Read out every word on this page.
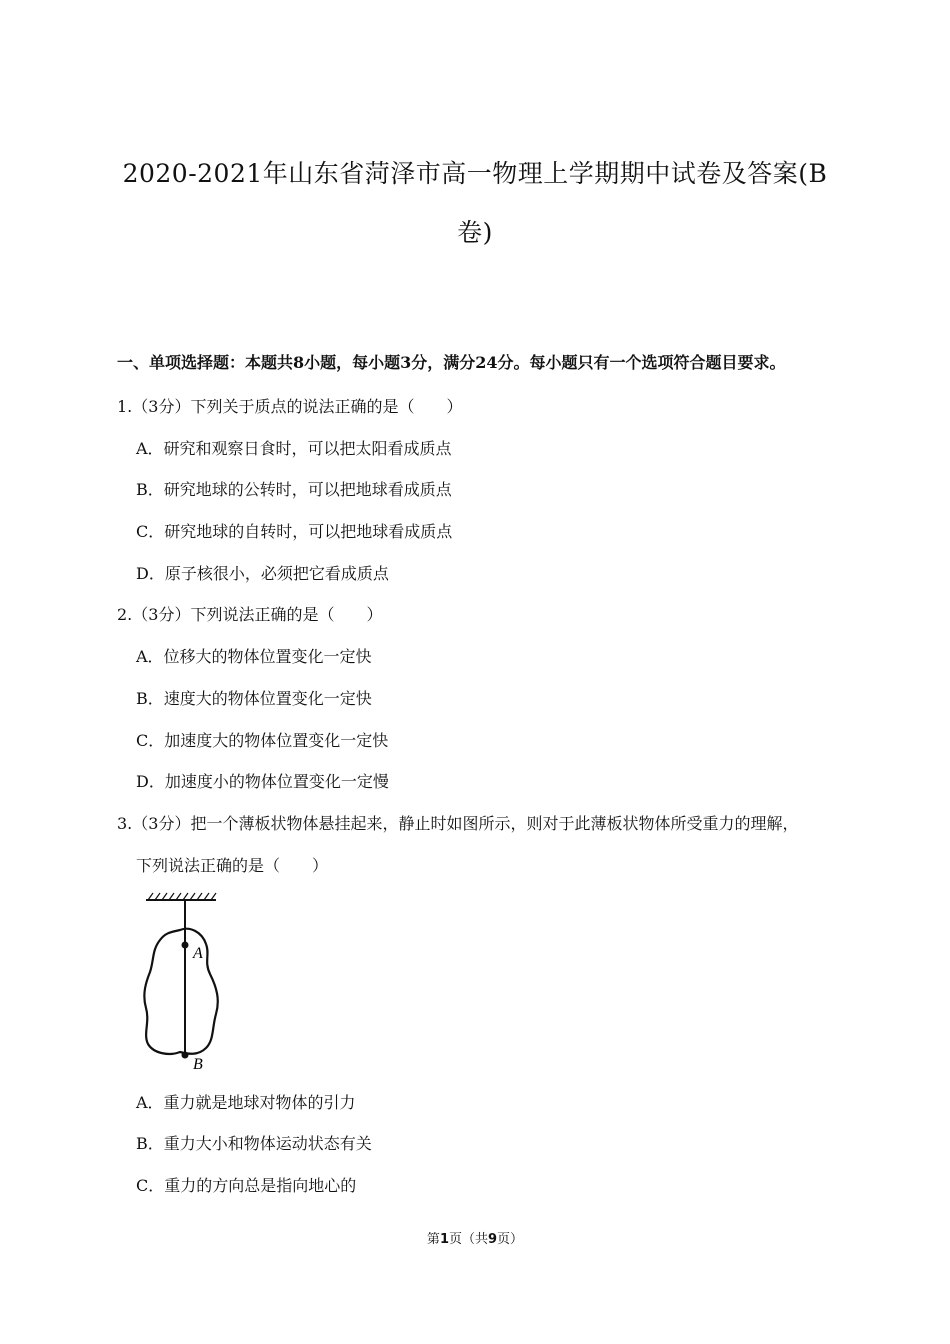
2020-2021年山东省菏泽市高一物理上学期期中试卷及答案(B
卷)
一、单项选择题：本题共8小题，每小题3分，满分24分。每小题只有一个选项符合题目要求。
1.（3分）下列关于质点的说法正确的是（　　）
A．研究和观察日食时，可以把太阳看成质点
B．研究地球的公转时，可以把地球看成质点
C．研究地球的自转时，可以把地球看成质点
D．原子核很小，必须把它看成质点
2.（3分）下列说法正确的是（　　）
A．位移大的物体位置变化一定快
B．速度大的物体位置变化一定快
C．加速度大的物体位置变化一定快
D．加速度小的物体位置变化一定慢
3.（3分）把一个薄板状物体悬挂起来，静止时如图所示，则对于此薄板状物体所受重力的理解，
下列说法正确的是（　　）
A
B
A．重力就是地球对物体的引力
B．重力大小和物体运动状态有关
C．重力的方向总是指向地心的
第1页（共9页）
